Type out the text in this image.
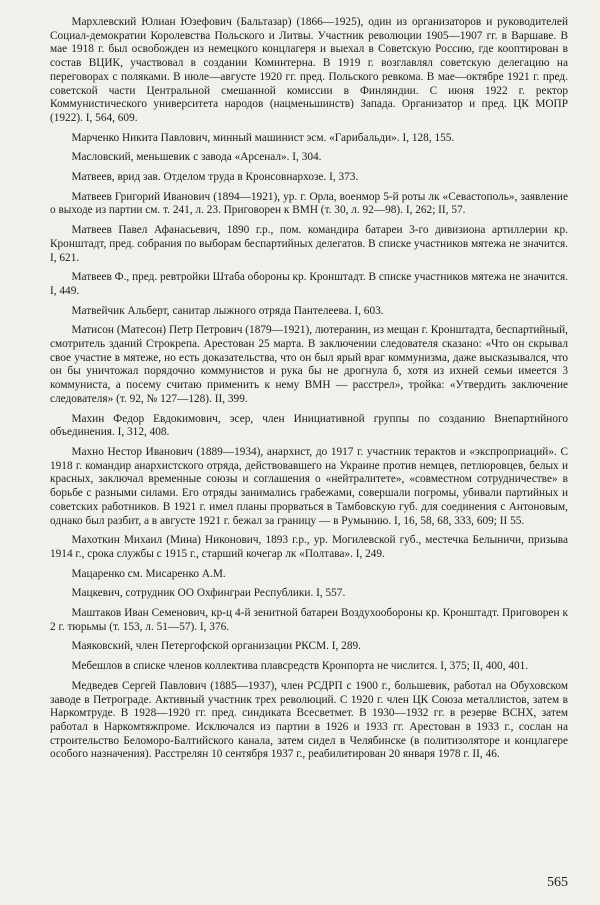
Мархлевский Юлиан Юзефович (Бальтазар) (1866—1925), один из организаторов и руководителей Социал-демократии Королевства Польского и Литвы. Участник революции 1905—1907 гг. в Варшаве. В мае 1918 г. был освобожден из немецкого концлагеря и выехал в Советскую Россию, где кооптирован в состав ВЦИК, участвовал в создании Коминтерна. В 1919 г. возглавлял советскую делегацию на переговорах с поляками. В июле—августе 1920 гг. пред. Польского ревкома. В мае—октябре 1921 г. пред. советской части Центральной смешанной комиссии в Финляндии. С июня 1922 г. ректор Коммунистического университета народов (нацменьшинств) Запада. Организатор и пред. ЦК МОПР (1922). I, 564, 609.

Марченко Никита Павлович, минный машинист эсм. «Гарибальди». I, 128, 155.

Масловский, меньшевик с завода «Арсенал». I, 304.

Матвеев, врид зав. Отделом труда в Кронсовнархозе. I, 373.

Матвеев Григорий Иванович (1894—1921), ур. г. Орла, военмор 5-й роты лк «Севастополь», заявление о выходе из партии см. т. 241, л. 23. Приговорен к ВМН (т. 30, л. 92—98). I, 262; II, 57.

Матвеев Павел Афанасьевич, 1890 г.р., пом. командира батареи 3-го дивизиона артиллерии кр. Кронштадт, пред. собрания по выборам беспартийных делегатов. В списке участников мятежа не значится. I, 621.

Матвеев Ф., пред. ревтройки Штаба обороны кр. Кронштадт. В списке участников мятежа не значится. I, 449.

Матвейчик Альберт, санитар лыжного отряда Пантелеева. I, 603.

Матисон (Матесон) Петр Петрович (1879—1921), лютеранин, из мещан г. Кронштадта, беспартийный, смотритель зданий Строкрепа. Арестован 25 марта. В заключении следователя сказано: «Что он скрывал свое участие в мятеже, но есть доказательства, что он был ярый враг коммунизма, даже высказывался, что он бы уничтожал порядочно коммунистов и рука бы не дрогнула б, хотя из ихней семьи имеется 3 коммуниста, а посему считаю применить к нему ВМН — расстрел», тройка: «Утвердить заключение следователя» (т. 92, № 127—128). II, 399.

Махин Федор Евдокимович, эсер, член Инициативной группы по созданию Внепартийного объединения. I, 312, 408.

Махно Нестор Иванович (1889—1934), анархист, до 1917 г. участник терактов и «экспроприаций». С 1918 г. командир анархистского отряда, действовавшего на Украине против немцев, петлюровцев, белых и красных, заключал временные союзы и соглашения о «нейтралитете», «совместном сотрудничестве» в борьбе с разными силами. Его отряды занимались грабежами, совершали погромы, убивали партийных и советских работников. В 1921 г. имел планы прорваться в Тамбовскую губ. для соединения с Антоновым, однако был разбит, а в августе 1921 г. бежал за границу — в Румынию. I, 16, 58, 68, 333, 609; II 55.

Махоткин Михаил (Мина) Никонович, 1893 г.р., ур. Могилевской губ., местечка Белыничи, призыва 1914 г., срока службы с 1915 г., старший кочегар лк «Полтава». I, 249.

Мацаренко см. Мисаренко А.М.

Мацкевич, сотрудник ОО Охфинграи Республики. I, 557.

Маштаков Иван Семенович, кр-ц 4-й зенитной батареи Воздухообороны кр. Кронштадт. Приговорен к 2 г. тюрьмы (т. 153, л. 51—57). I, 376.

Маяковский, член Петергофской организации РКСМ. I, 289.

Мебешлов в списке членов коллектива плавсредств Кронпорта не числится. I, 375; II, 400, 401.

Медведев Сергей Павлович (1885—1937), член РСДРП с 1900 г., большевик, работал на Обуховском заводе в Петрограде. Активный участник трех революций. С 1920 г. член ЦК Союза металлистов, затем в Наркомтруде. В 1928—1920 гг. пред. синдиката Всесветмет. В 1930—1932 гг. в резерве ВСНХ, затем работал в Наркомтяжпроме. Исключался из партии в 1926 и 1933 гг. Арестован в 1933 г., сослан на строительство Беломоро-Балтийского канала, затем сидел в Челябинске (в политизоляторе и концлагере особого назначения). Расстрелян 10 сентября 1937 г., реабилитирован 20 января 1978 г. II, 46.

565
